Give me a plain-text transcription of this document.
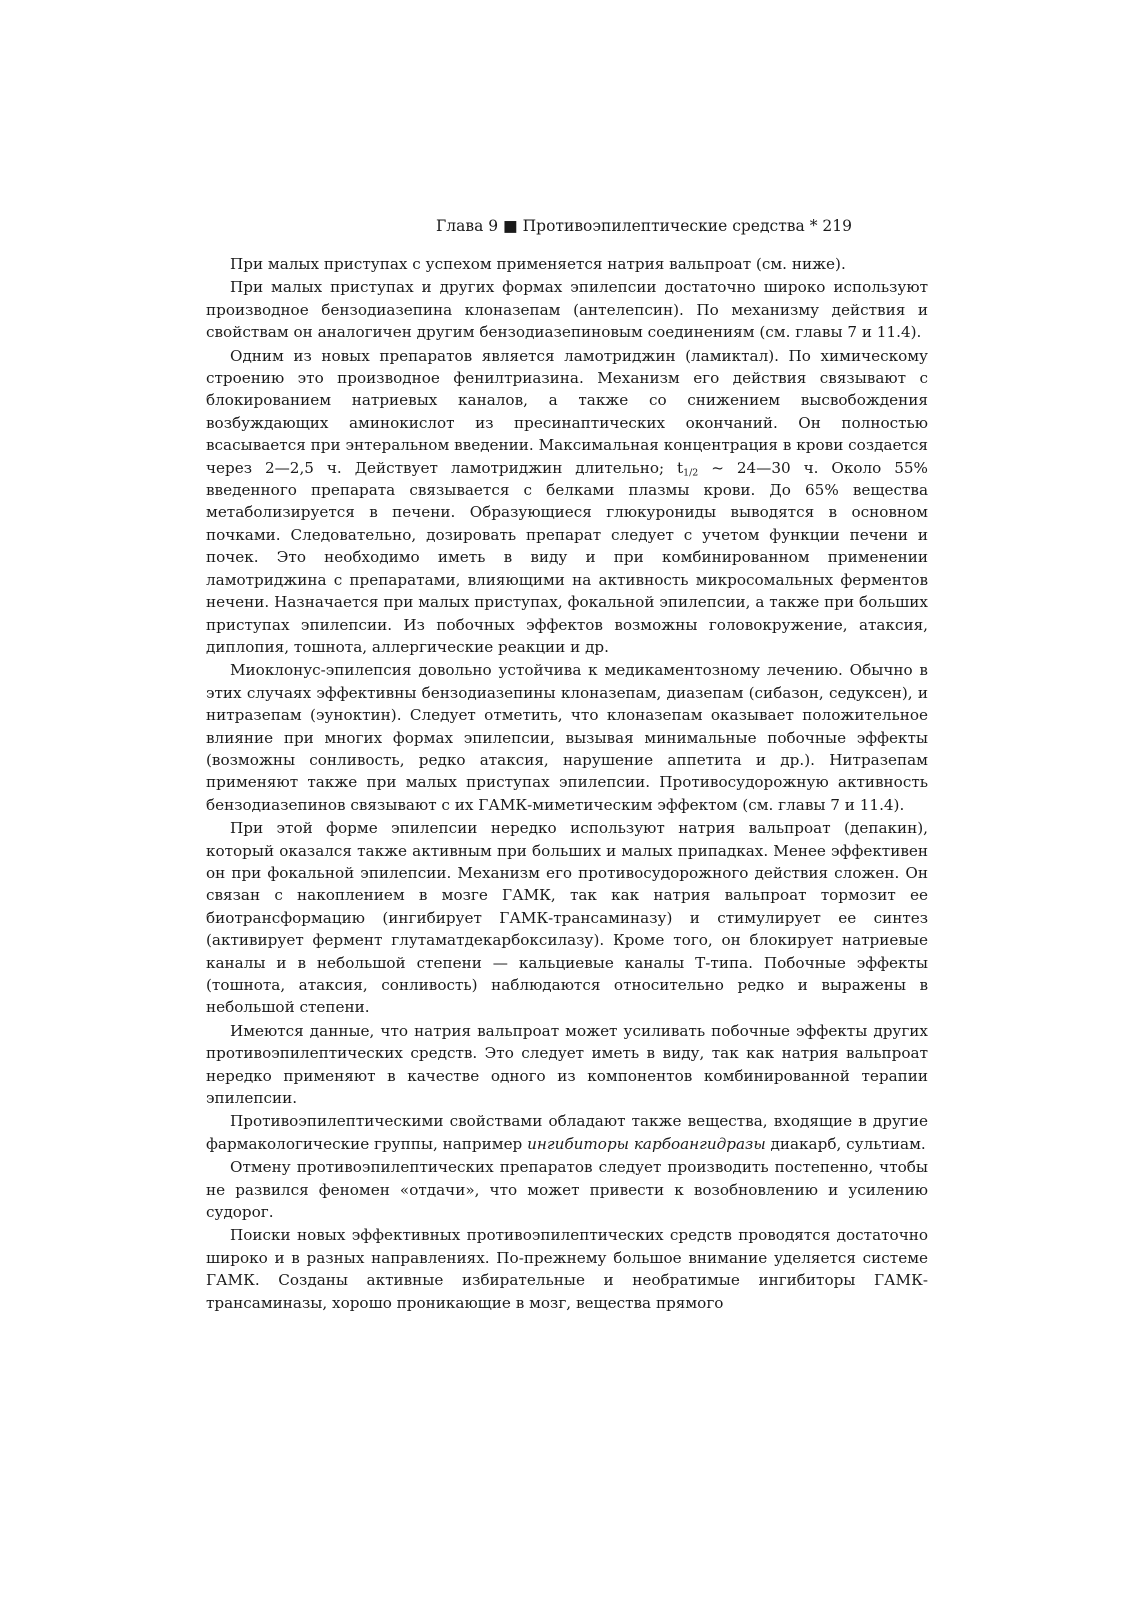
Глава 9 ■ Противоэпилептические средства * 219

При малых приступах с успехом применяется натрия вальпроат (см. ниже).

При малых приступах и других формах эпилепсии достаточно широко используют производное бензодиазепина клоназепам (антелепсин). По механизму действия и свойствам он аналогичен другим бензодиазепиновым соединениям (см. главы 7 и 11.4).

Одним из новых препаратов является ламотриджин (ламиктал). По химическому строению это производное фенилтриазина. Механизм его действия связывают с блокированием натриевых каналов, а также со снижением высвобождения возбуждающих аминокислот из пресинаптических окончаний. Он полностью всасывается при энтеральном введении. Максимальная концентрация в крови создается через 2—2,5 ч. Действует ламотриджин длительно; $t_{1/2}$ ~ 24—30 ч. Около 55% введенного препарата связывается с белками плазмы крови. До 65% вещества метаболизируется в печени. Образующиеся глюкурониды выводятся в основном почками. Следовательно, дозировать препарат следует с учетом функции печени и почек. Это необходимо иметь в виду и при комбинированном применении ламотриджина с препаратами, влияющими на активность микросомальных ферментов нечени. Назначается при малых приступах, фокальной эпилепсии, а также при больших приступах эпилепсии. Из побочных эффектов возможны головокружение, атаксия, диплопия, тошнота, аллергические реакции и др.

Миоклонус-эпилепсия довольно устойчива к медикаментозному лечению. Обычно в этих случаях эффективны бензодиазепины клоназепам, диазепам (сибазон, седуксен), и нитразепам (эуноктин). Следует отметить, что клоназепам оказывает положительное влияние при многих формах эпилепсии, вызывая минимальные побочные эффекты (возможны сонливость, редко атаксия, нарушение аппетита и др.). Нитразепам применяют также при малых приступах эпилепсии. Противосудорожную активность бензодиазепинов связывают с их ГАМК-миметическим эффектом (см. главы 7 и 11.4).

При этой форме эпилепсии нередко используют натрия вальпроат (депакин), который оказался также активным при больших и малых припадках. Менее эффективен он при фокальной эпилепсии. Механизм его противосудорожного действия сложен. Он связан с накоплением в мозге ГАМК, так как натрия вальпроат тормозит ее биотрансформацию (ингибирует ГАМК-трансаминазу) и стимулирует ее синтез (активирует фермент глутаматдекарбоксилазу). Кроме того, он блокирует натриевые каналы и в небольшой степени — кальциевые каналы Т-типа. Побочные эффекты (тошнота, атаксия, сонливость) наблюдаются относительно редко и выражены в небольшой степени.

Имеются данные, что натрия вальпроат может усиливать побочные эффекты других противоэпилептических средств. Это следует иметь в виду, так как натрия вальпроат нередко применяют в качестве одного из компонентов комбинированной терапии эпилепсии.

Противоэпилептическими свойствами обладают также вещества, входящие в другие фармакологические группы, например ингибиторы карбоангидразы диакарб, сультиам.

Отмену противоэпилептических препаратов следует производить постепенно, чтобы не развился феномен «отдачи», что может привести к возобновлению и усилению судорог.

Поиски новых эффективных противоэпилептических средств проводятся достаточно широко и в разных направлениях. По-прежнему большое внимание уделяется системе ГАМК. Созданы активные избирательные и необратимые ингибиторы ГАМК-трансаминазы, хорошо проникающие в мозг, вещества прямого
